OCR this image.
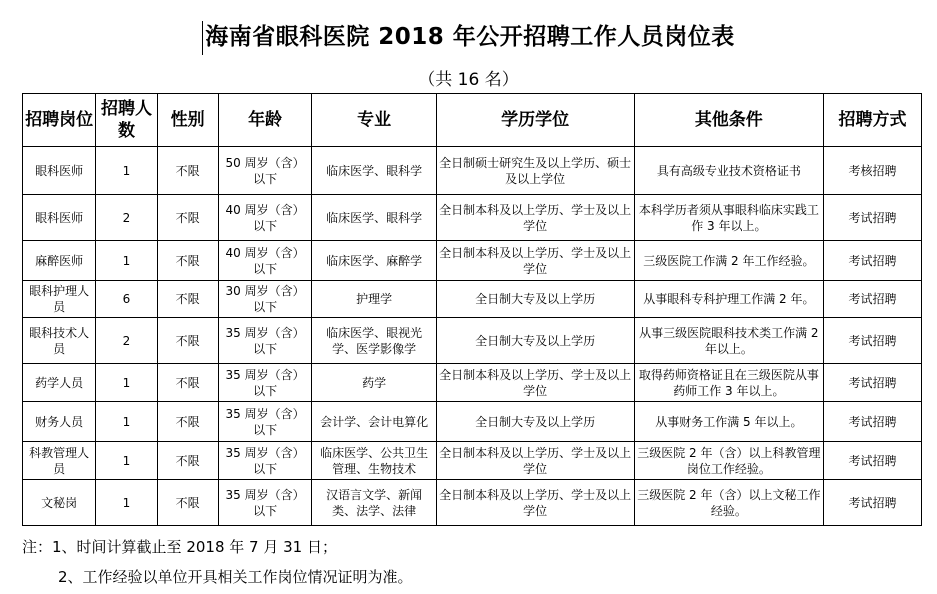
海南省眼科医院 2018 年公开招聘工作人员岗位表
（共 16 名）
招聘岗位	招聘人数	性别	年龄	专业	学历学位	其他条件	招聘方式
眼科医师	1	不限	50 周岁（含）以下	临床医学、眼科学	全日制硕士研究生及以上学历、硕士及以上学位	具有高级专业技术资格证书	考核招聘
眼科医师	2	不限	40 周岁（含）以下	临床医学、眼科学	全日制本科及以上学历、学士及以上学位	本科学历者须从事眼科临床实践工作 3 年以上。	考试招聘
麻醉医师	1	不限	40 周岁（含）以下	临床医学、麻醉学	全日制本科及以上学历、学士及以上学位	三级医院工作满 2 年工作经验。	考试招聘
眼科护理人员	6	不限	30 周岁（含）以下	护理学	全日制大专及以上学历	从事眼科专科护理工作满 2 年。	考试招聘
眼科技术人员	2	不限	35 周岁（含）以下	临床医学、眼视光学、医学影像学	全日制大专及以上学历	从事三级医院眼科技术类工作满 2 年以上。	考试招聘
药学人员	1	不限	35 周岁（含）以下	药学	全日制本科及以上学历、学士及以上学位	取得药师资格证且在三级医院从事药师工作 3 年以上。	考试招聘
财务人员	1	不限	35 周岁（含）以下	会计学、会计电算化	全日制大专及以上学历	从事财务工作满 5 年以上。	考试招聘
科教管理人员	1	不限	35 周岁（含）以下	临床医学、公共卫生管理、生物技术	全日制本科及以上学历、学士及以上学位	三级医院 2 年（含）以上科教管理岗位工作经验。	考试招聘
文秘岗	1	不限	35 周岁（含）以下	汉语言文学、新闻类、法学、法律	全日制本科及以上学历、学士及以上学位	三级医院 2 年（含）以上文秘工作经验。	考试招聘

注：1、时间计算截止至 2018 年 7 月 31 日；

2、工作经验以单位开具相关工作岗位情况证明为准。
